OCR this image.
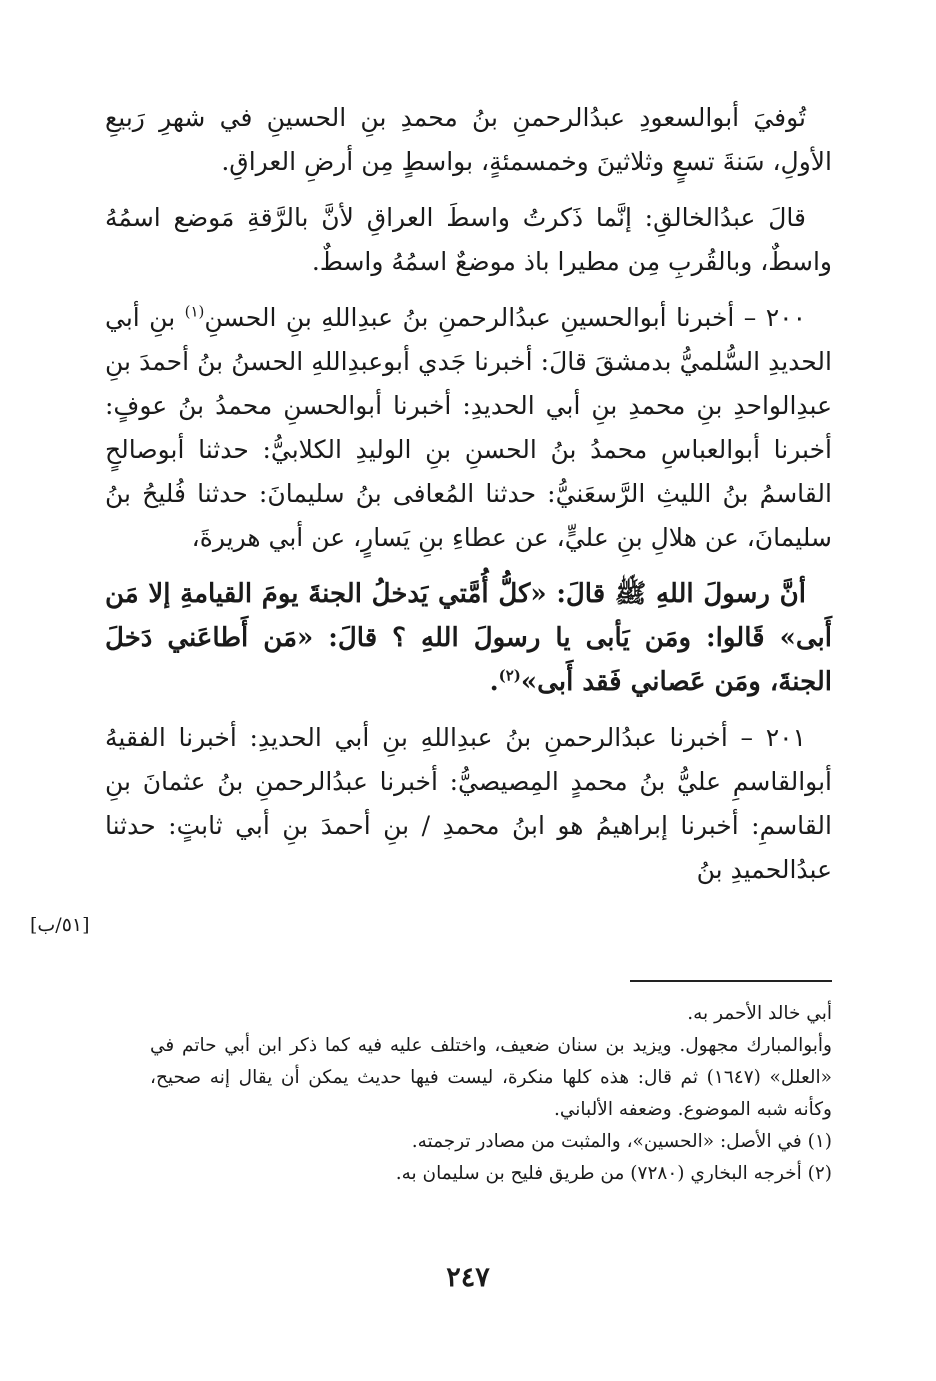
تُوفيَ أبوالسعودِ عبدُالرحمنِ بنُ محمدِ بنِ الحسينِ في شهرِ رَبيعِ الأولِ، سَنةَ تسعٍ وثلاثينَ وخمسمئةٍ، بواسطٍ مِن أرضِ العراقِ.

قالَ عبدُالخالقِ: إنَّما ذَكرتُ واسطَ العراقِ لأنَّ بالرَّقةِ مَوضع اسمُهُ واسطٌ، وبالقُربِ مِن مطيرا باذ موضعٌ اسمُهُ واسطٌ.

٢٠٠ – أخبرنا أبوالحسينِ عبدُالرحمنِ بنُ عبدِاللهِ بنِ الحسنِ$^{(١)}$ بنِ أبي الحديدِ السُّلميُّ بدمشقَ قالَ: أخبرنا جَدي أبوعبدِاللهِ الحسنُ بنُ أحمدَ بنِ عبدِالواحدِ بنِ محمدِ بنِ أبي الحديدِ: أخبرنا أبوالحسنِ محمدُ بنُ عوفٍ: أخبرنا أبوالعباسِ محمدُ بنُ الحسنِ بنِ الوليدِ الكلابيُّ: حدثنا أبوصالحٍ القاسمُ بنُ الليثِ الرَّسعَنيُّ: حدثنا المُعافى بنُ سليمانَ: حدثنا فُليحُ بنُ سليمانَ، عن هلالِ بنِ عليٍّ، عن عطاءِ بنِ يَسارٍ، عن أبي هريرةَ،

أنَّ رسولَ اللهِ ﷺ قالَ: «كلُّ أُمَّتي يَدخلُ الجنةَ يومَ القيامةِ إلا مَن أَبى» قَالوا: ومَن يَأبى يا رسولَ اللهِ ؟ قالَ: «مَن أَطاعَني دَخلَ الجنةَ، ومَن عَصاني فَقد أَبى»$^{(٢)}$.

٢٠١ – أخبرنا عبدُالرحمنِ بنُ عبدِاللهِ بنِ أبي الحديدِ: أخبرنا الفقيهُ أبوالقاسمِ عليُّ بنُ محمدٍ المِصيصيُّ: أخبرنا عبدُالرحمنِ بنُ عثمانَ بنِ القاسمِ: أخبرنا إبراهيمُ هو ابنُ محمدِ / بنِ أحمدَ بنِ أبي ثابتٍ: حدثنا عبدُالحميدِ بنُ

[٥١/ب]

أبي خالد الأحمر به.

وأبوالمبارك مجهول. ويزيد بن سنان ضعيف، واختلف عليه فيه كما ذكر ابن أبي حاتم في «العلل» (١٦٤٧) ثم قال: هذه كلها منكرة، ليست فيها حديث يمكن أن يقال إنه صحيح، وكأنه شبه الموضوع. وضعفه الألباني.

(١) في الأصل: «الحسين»، والمثبت من مصادر ترجمته.

(٢) أخرجه البخاري (٧٢٨٠) من طريق فليح بن سليمان به.

٢٤٧
